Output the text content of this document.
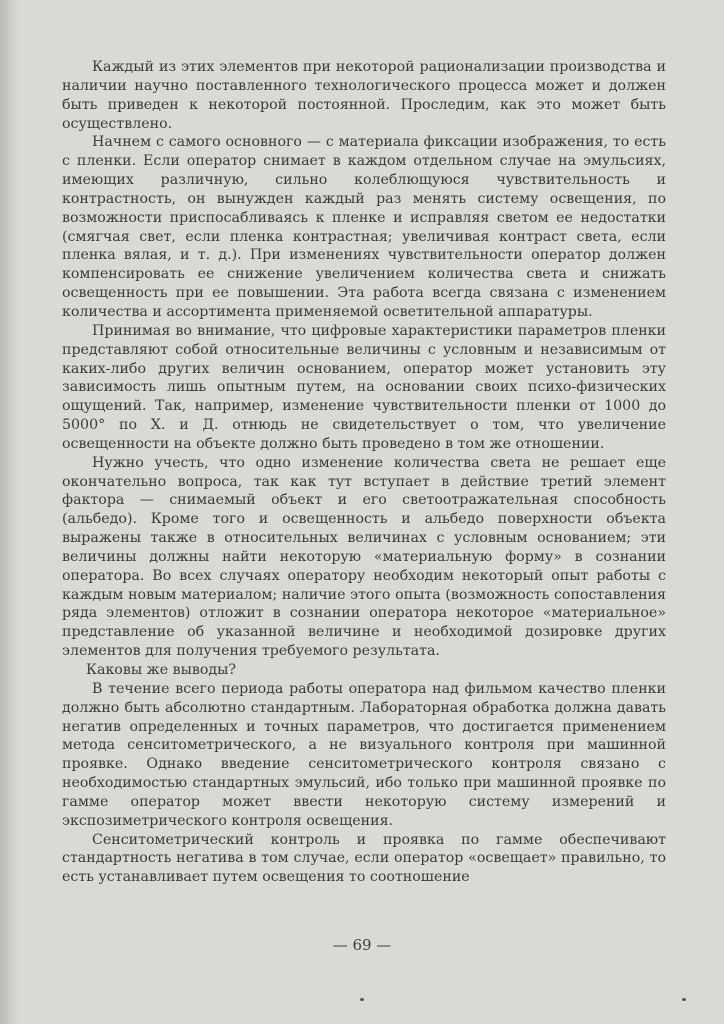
Каждый из этих элементов при некоторой рационализации производства и наличии научно поставленного технологического процесса может и должен быть приведен к некоторой постоянной. Проследим, как это может быть осуществлено.

Начнем с самого основного — с материала фиксации изображения, то есть с пленки. Если оператор снимает в каждом отдельном случае на эмульсиях, имеющих различную, сильно колеблющуюся чувствительность и контрастность, он вынужден каждый раз менять систему освещения, по возможности приспосабливаясь к пленке и исправляя светом ее недостатки (смягчая свет, если пленка контрастная; увеличивая контраст света, если пленка вялая, и т. д.). При изменениях чувствительности оператор должен компенсировать ее снижение увеличением количества света и снижать освещенность при ее повышении. Эта работа всегда связана с изменением количества и ассортимента применяемой осветительной аппаратуры.

Принимая во внимание, что цифровые характеристики параметров пленки представляют собой относительные величины с условным и независимым от каких-либо других величин основанием, оператор может установить эту зависимость лишь опытным путем, на основании своих психо-физических ощущений. Так, например, изменение чувствительности пленки от 1000 до 5000° по Х. и Д. отнюдь не свидетельствует о том, что увеличение освещенности на объекте должно быть проведено в том же отношении.

Нужно учесть, что одно изменение количества света не решает еще окончательно вопроса, так как тут вступает в действие третий элемент фактора — снимаемый объект и его светоотражательная способность (альбедо). Кроме того и освещенность и альбедо поверхности объекта выражены также в относительных величинах с условным основанием; эти величины должны найти некоторую «материальную форму» в сознании оператора. Во всех случаях оператору необходим некоторый опыт работы с каждым новым материалом; наличие этого опыта (возможность сопоставления ряда элементов) отложит в сознании оператора некоторое «материальное» представление об указанной величине и необходимой дозировке других элементов для получения требуемого результата.

Каковы же выводы?

В течение всего периода работы оператора над фильмом качество пленки должно быть абсолютно стандартным. Лабораторная обработка должна давать негатив определенных и точных параметров, что достигается применением метода сенситометрического, а не визуального контроля при машинной проявке. Однако введение сенситометрического контроля связано с необходимостью стандартных эмульсий, ибо только при машинной проявке по гамме оператор может ввести некоторую систему измерений и экспозиметрического контроля освещения.

Сенситометрический контроль и проявка по гамме обеспечивают стандартность негатива в том случае, если оператор «освещает» правильно, то есть устанавливает путем освещения то соотношение

— 69 —
